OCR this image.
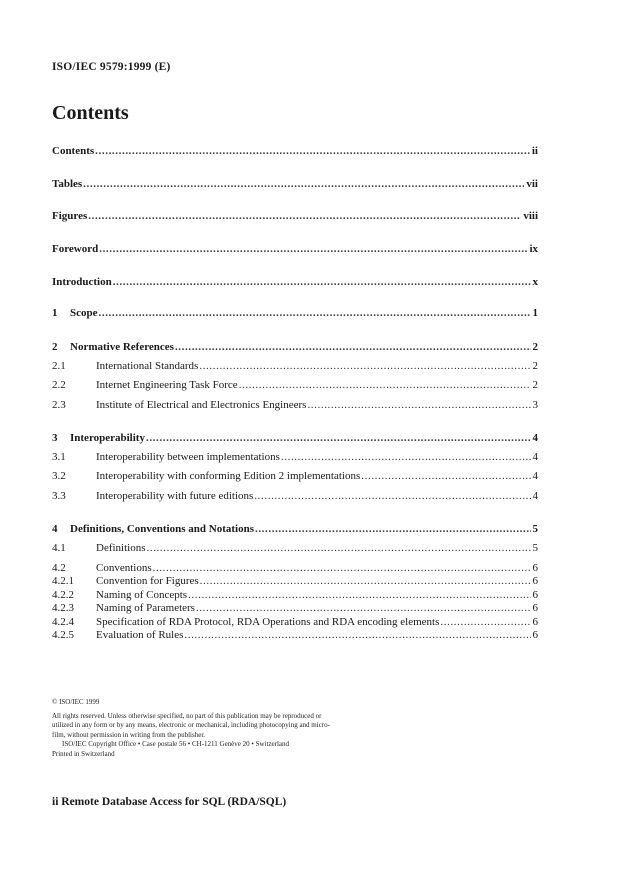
ISO/IEC 9579:1999 (E)
Contents
Contents .....	ii
Tables .....	vii
Figures .....	viii
Foreword .....	ix
Introduction .....	x
1	Scope .....	1
2	Normative References .....	2
2.1	International Standards .....	2
2.2	Internet Engineering Task Force .....	2
2.3	Institute of Electrical and Electronics Engineers .....	3
3	Interoperability .....	4
3.1	Interoperability between implementations .....	4
3.2	Interoperability with conforming Edition 2 implementations .....	4
3.3	Interoperability with future editions .....	4
4	Definitions, Conventions and Notations .....	5
4.1	Definitions .....	5
4.2	Conventions .....	6
4.2.1	Convention for Figures .....	6
4.2.2	Naming of Concepts .....	6
4.2.3	Naming of Parameters .....	6
4.2.4	Specification of RDA Protocol, RDA Operations and RDA encoding elements .....	6
4.2.5	Evaluation of Rules .....	6

© ISO/IEC 1999

All rights reserved. Unless otherwise specified, no part of this publication may be reproduced or

utilized in any form or by any means, electronic or mechanical, including photocopying and micro-

film, without permission in writing from the publisher.

ISO/IEC Copyright Office • Case postale 56 • CH-1211 Genève 20 • Switzerland

Printed in Switzerland

ii Remote Database Access for SQL (RDA/SQL)
